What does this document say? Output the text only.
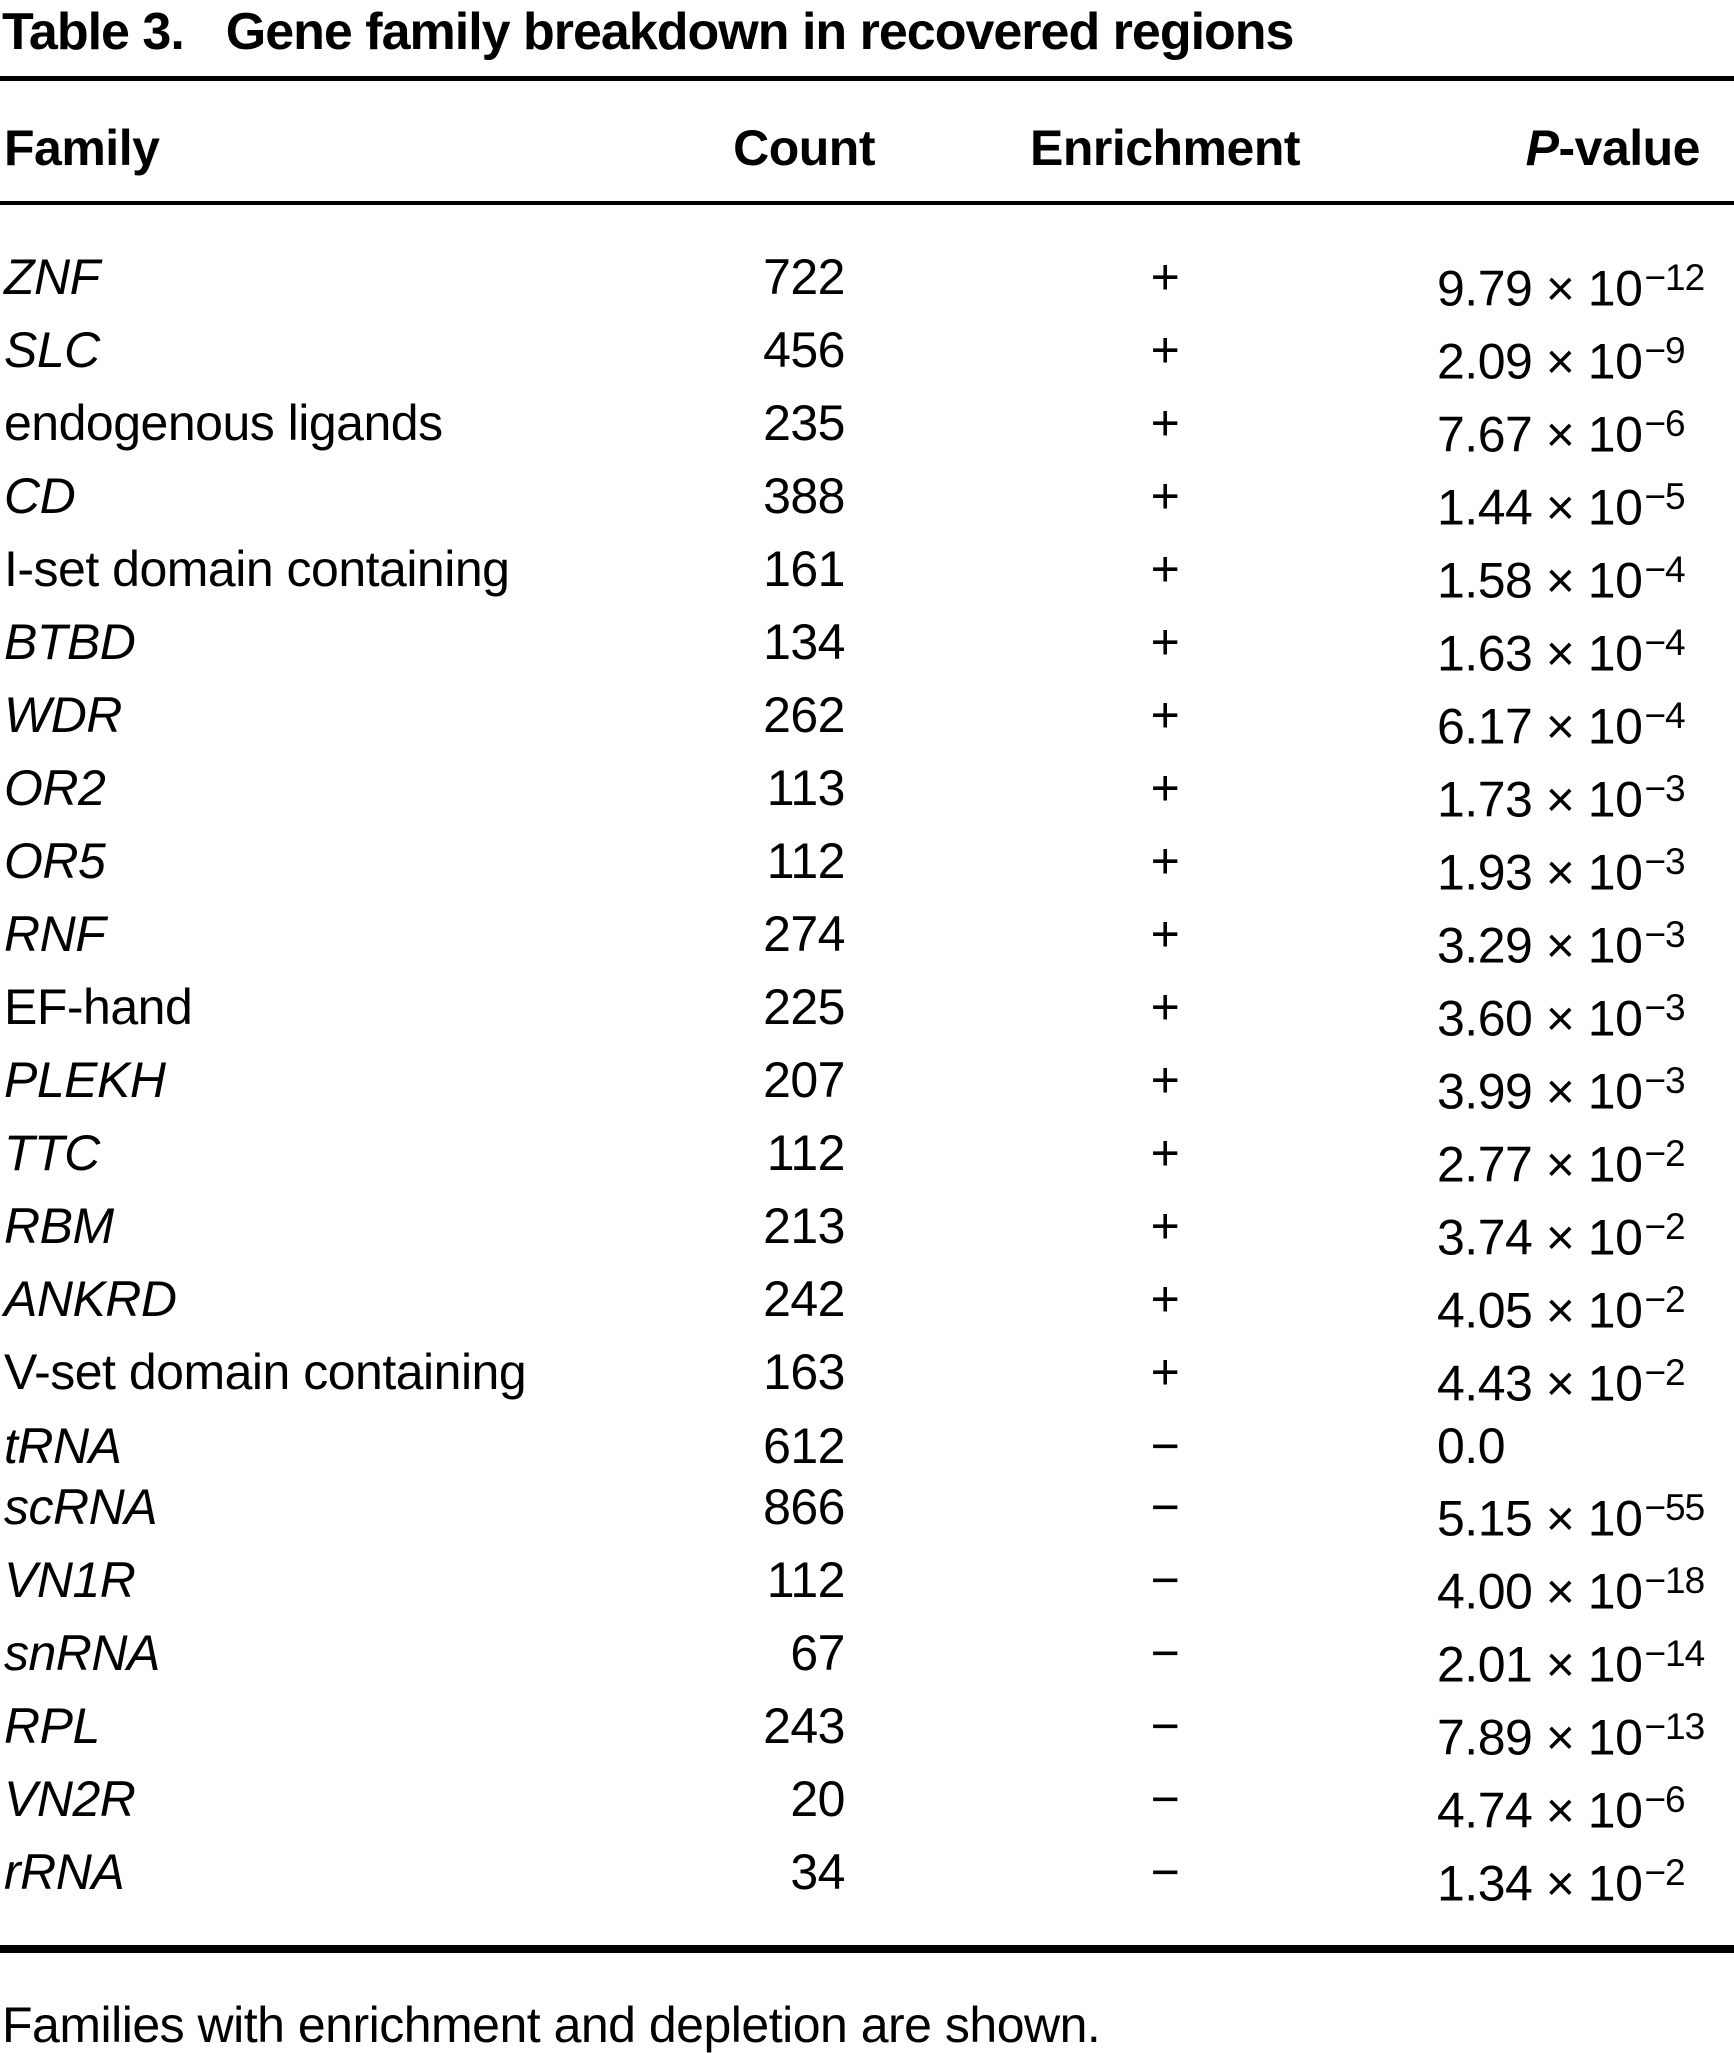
Table 3. Gene family breakdown in recovered regions
Family	Count	Enrichment	P-value
ZNF	722	+	9.79 × 10−12
SLC	456	+	2.09 × 10−9
endogenous ligands	235	+	7.67 × 10−6
CD	388	+	1.44 × 10−5
I-set domain containing	161	+	1.58 × 10−4
BTBD	134	+	1.63 × 10−4
WDR	262	+	6.17 × 10−4
OR2	113	+	1.73 × 10−3
OR5	112	+	1.93 × 10−3
RNF	274	+	3.29 × 10−3
EF-hand	225	+	3.60 × 10−3
PLEKH	207	+	3.99 × 10−3
TTC	112	+	2.77 × 10−2
RBM	213	+	3.74 × 10−2
ANKRD	242	+	4.05 × 10−2
V-set domain containing	163	+	4.43 × 10−2
tRNA	612	−	0.0
scRNA	866	−	5.15 × 10−55
VN1R	112	−	4.00 × 10−18
snRNA	67	−	2.01 × 10−14
RPL	243	−	7.89 × 10−13
VN2R	20	−	4.74 × 10−6
rRNA	34	−	1.34 × 10−2
Families with enrichment and depletion are shown.
